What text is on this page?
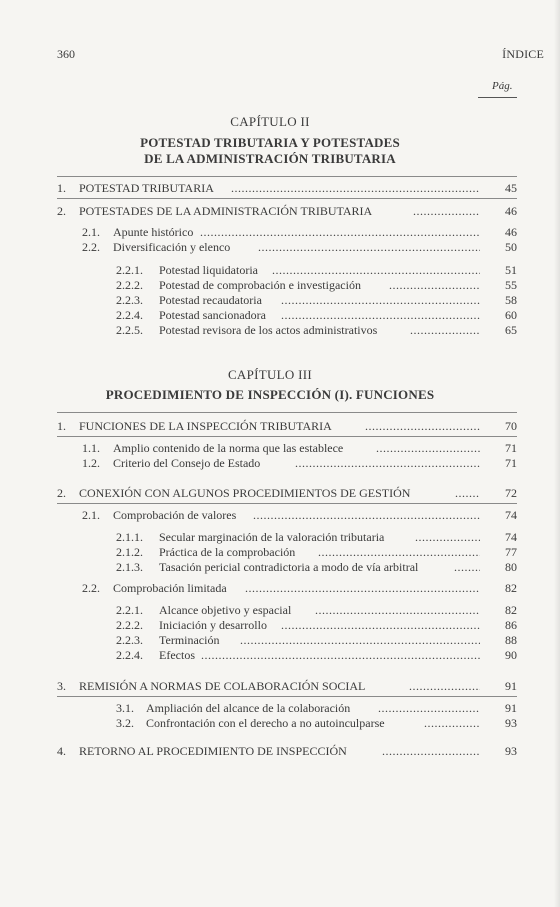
360	ÍNDICE
Pág.
CAPÍTULO II
POTESTAD TRIBUTARIA Y POTESTADES
DE LA ADMINISTRACIÓN TRIBUTARIA
1. POTESTAD TRIBUTARIA .....	45
2. POTESTADES DE LA ADMINISTRACIÓN TRIBUTARIA .....	46
2.1. Apunte histórico .....	46
2.2. Diversificación y elenco .....	50
2.2.1. Potestad liquidatoria .....	51
2.2.2. Potestad de comprobación e investigación .....	55
2.2.3. Potestad recaudatoria .....	58
2.2.4. Potestad sancionadora .....	60
2.2.5. Potestad revisora de los actos administrativos .....	65
CAPÍTULO III
PROCEDIMIENTO DE INSPECCIÓN (I). FUNCIONES
1. FUNCIONES DE LA INSPECCIÓN TRIBUTARIA .....	70
1.1. Amplio contenido de la norma que las establece .....	71
1.2. Criterio del Consejo de Estado .....	71
2. CONEXIÓN CON ALGUNOS PROCEDIMIENTOS DE GESTIÓN .....	72
2.1. Comprobación de valores .....	74
2.1.1. Secular marginación de la valoración tributaria .....	74
2.1.2. Práctica de la comprobación .....	77
2.1.3. Tasación pericial contradictoria a modo de vía arbitral .....	80
2.2. Comprobación limitada .....	82
2.2.1. Alcance objetivo y espacial .....	82
2.2.2. Iniciación y desarrollo .....	86
2.2.3. Terminación .....	88
2.2.4. Efectos .....	90
3. REMISIÓN A NORMAS DE COLABORACIÓN SOCIAL .....	91
3.1. Ampliación del alcance de la colaboración .....	91
3.2. Confrontación con el derecho a no autoinculparse .....	93
4. RETORNO AL PROCEDIMIENTO DE INSPECCIÓN .....	93
